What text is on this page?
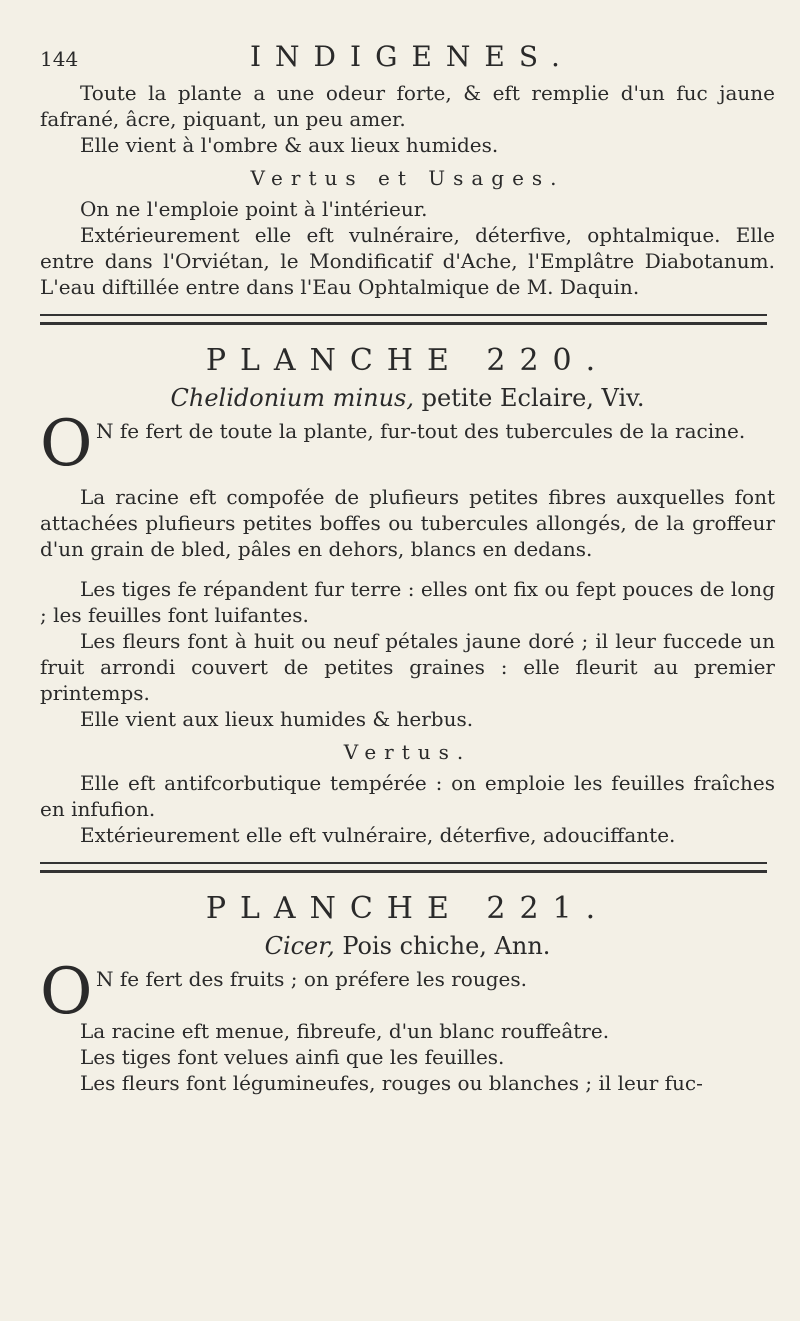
144	INDIGENES.

Toute la plante a une odeur forte, & eft remplie d'un fuc jaune fafrané, âcre, piquant, un peu amer.

Elle vient à l'ombre & aux lieux humides.

Vertus et Usages.

On ne l'emploie point à l'intérieur.

Extérieurement elle eft vulnéraire, déterfive, ophtalmique. Elle entre dans l'Orviétan, le Mondificatif d'Ache, l'Emplâtre Diabotanum. L'eau diftillée entre dans l'Eau Ophtalmique de M. Daquin.

PLANCHE 220.
Chelidonium minus, petite Eclaire, Viv.
O N fe fert de toute la plante, fur-tout des tubercules de la racine.

La racine eft compofée de plufieurs petites fibres auxquelles font attachées plufieurs petites boffes ou tubercules allongés, de la groffeur d'un grain de bled, pâles en dehors, blancs en dedans.

Les tiges fe répandent fur terre : elles ont fix ou fept pouces de long ; les feuilles font luifantes.

Les fleurs font à huit ou neuf pétales jaune doré ; il leur fuccede un fruit arrondi couvert de petites graines : elle fleurit au premier printemps.

Elle vient aux lieux humides & herbus.

Vertus.

Elle eft antifcorbutique tempérée : on emploie les feuilles fraîches en infufion.

Extérieurement elle eft vulnéraire, déterfive, adouciffante.

PLANCHE 221.
Cicer, Pois chiche, Ann.
O N fe fert des fruits ; on préfere les rouges.

La racine eft menue, fibreufe, d'un blanc rouffeâtre.

Les tiges font velues ainfi que les feuilles.

Les fleurs font légumineufes, rouges ou blanches ; il leur fuc-
